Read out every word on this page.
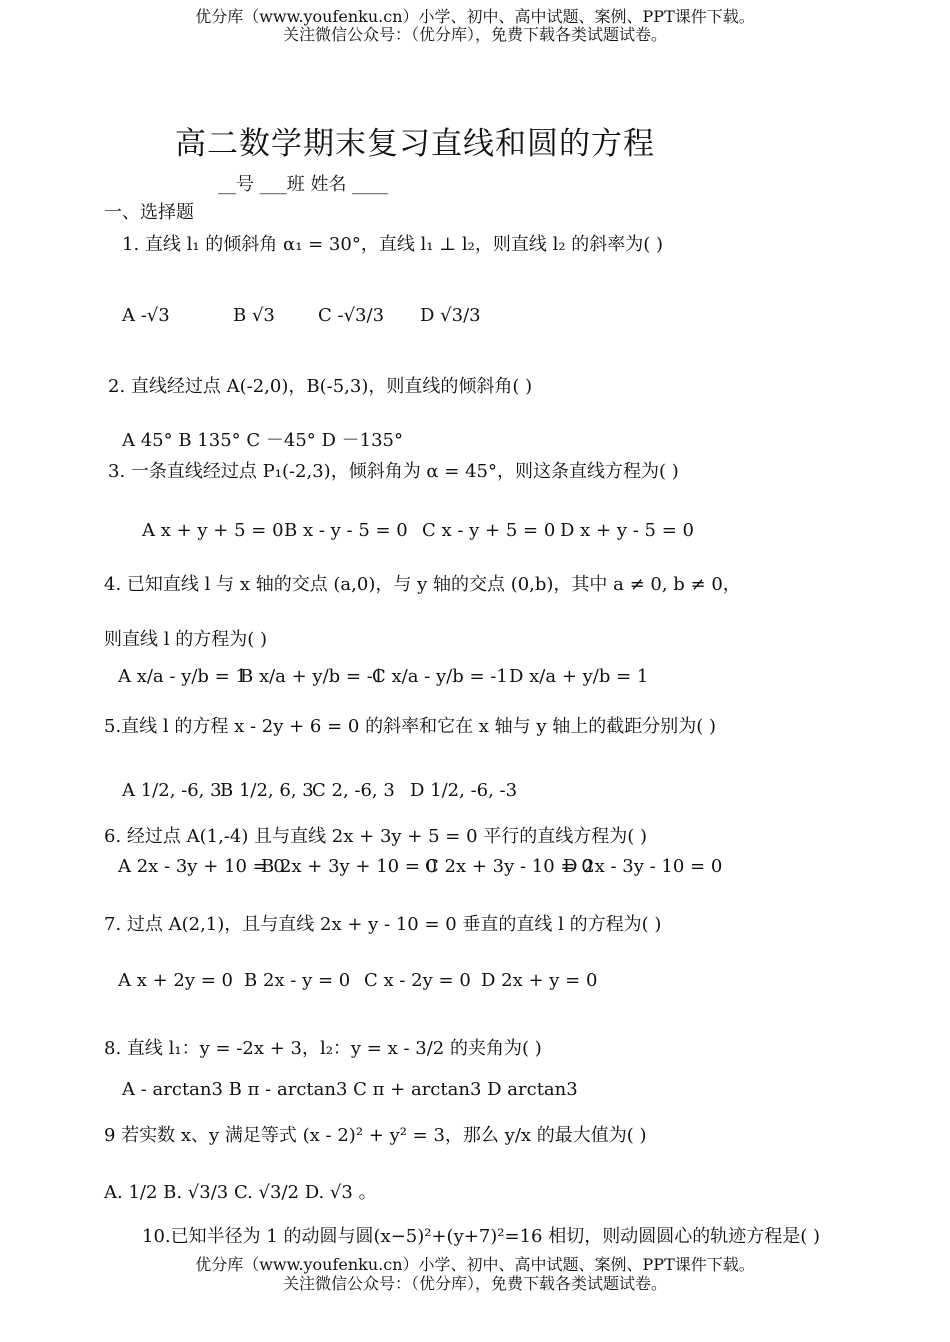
优分库（www.youfenku.cn）小学、初中、高中试题、案例、PPT课件下载。
关注微信公众号：（优分库），免费下载各类试题试卷。
高二数学期末复习直线和圆的方程
__号 ___班 姓名 ____
一、选择题
1. 直线 l₁ 的倾斜角 α₁ = 30°，直线 l₁ ⊥ l₂，则直线 l₂ 的斜率为( )
A -√3	B √3 C -√3/3 D √3/3
2. 直线经过点 A(-2,0)，B(-5,3)，则直线的倾斜角( )
A 45° B 135° C －45° D －135°
3. 一条直线经过点 P₁(-2,3)，倾斜角为 α = 45°，则这条直线方程为( )
A x + y + 5 = 0 B x - y - 5 = 0 C x - y + 5 = 0 D x + y - 5 = 0
4. 已知直线 l 与 x 轴的交点 (a,0)，与 y 轴的交点 (0,b)，其中 a ≠ 0, b ≠ 0，
则直线 l 的方程为( )
A x/a - y/b = 1
B x/a + y/b = -1
C x/a - y/b = -1 D x/a + y/b = 1
5.直线 l 的方程 x - 2y + 6 = 0 的斜率和它在 x 轴与 y 轴上的截距分别为( )
A 1/2, -6, 3
B 1/2, 6, 3
C 2, -6, 3 D 1/2, -6, -3
6. 经过点 A(1,-4) 且与直线 2x + 3y + 5 = 0 平行的直线方程为( )
A 2x - 3y + 10 = 0
B 2x + 3y + 10 = 0
C 2x + 3y - 10 = 0
D 2x - 3y - 10 = 0
7. 过点 A(2,1)，且与直线 2x + y - 10 = 0 垂直的直线 l 的方程为( )
A x + 2y = 0 B 2x - y = 0 C x - 2y = 0 D 2x + y = 0
8. 直线 l₁：y = -2x + 3，l₂：y = x - 3/2 的夹角为( )
A - arctan3 B π - arctan3 C π + arctan3 D arctan3
9 若实数 x、y 满足等式 (x - 2)² + y² = 3，那么 y/x 的最大值为( )
A. 1/2 B. √3/3 C. √3/2 D. √3 。
10.已知半径为 1 的动圆与圆(x−5)²+(y+7)²=16 相切，则动圆圆心的轨迹方程是( )
优分库（www.youfenku.cn）小学、初中、高中试题、案例、PPT课件下载。
关注微信公众号：（优分库），免费下载各类试题试卷。
